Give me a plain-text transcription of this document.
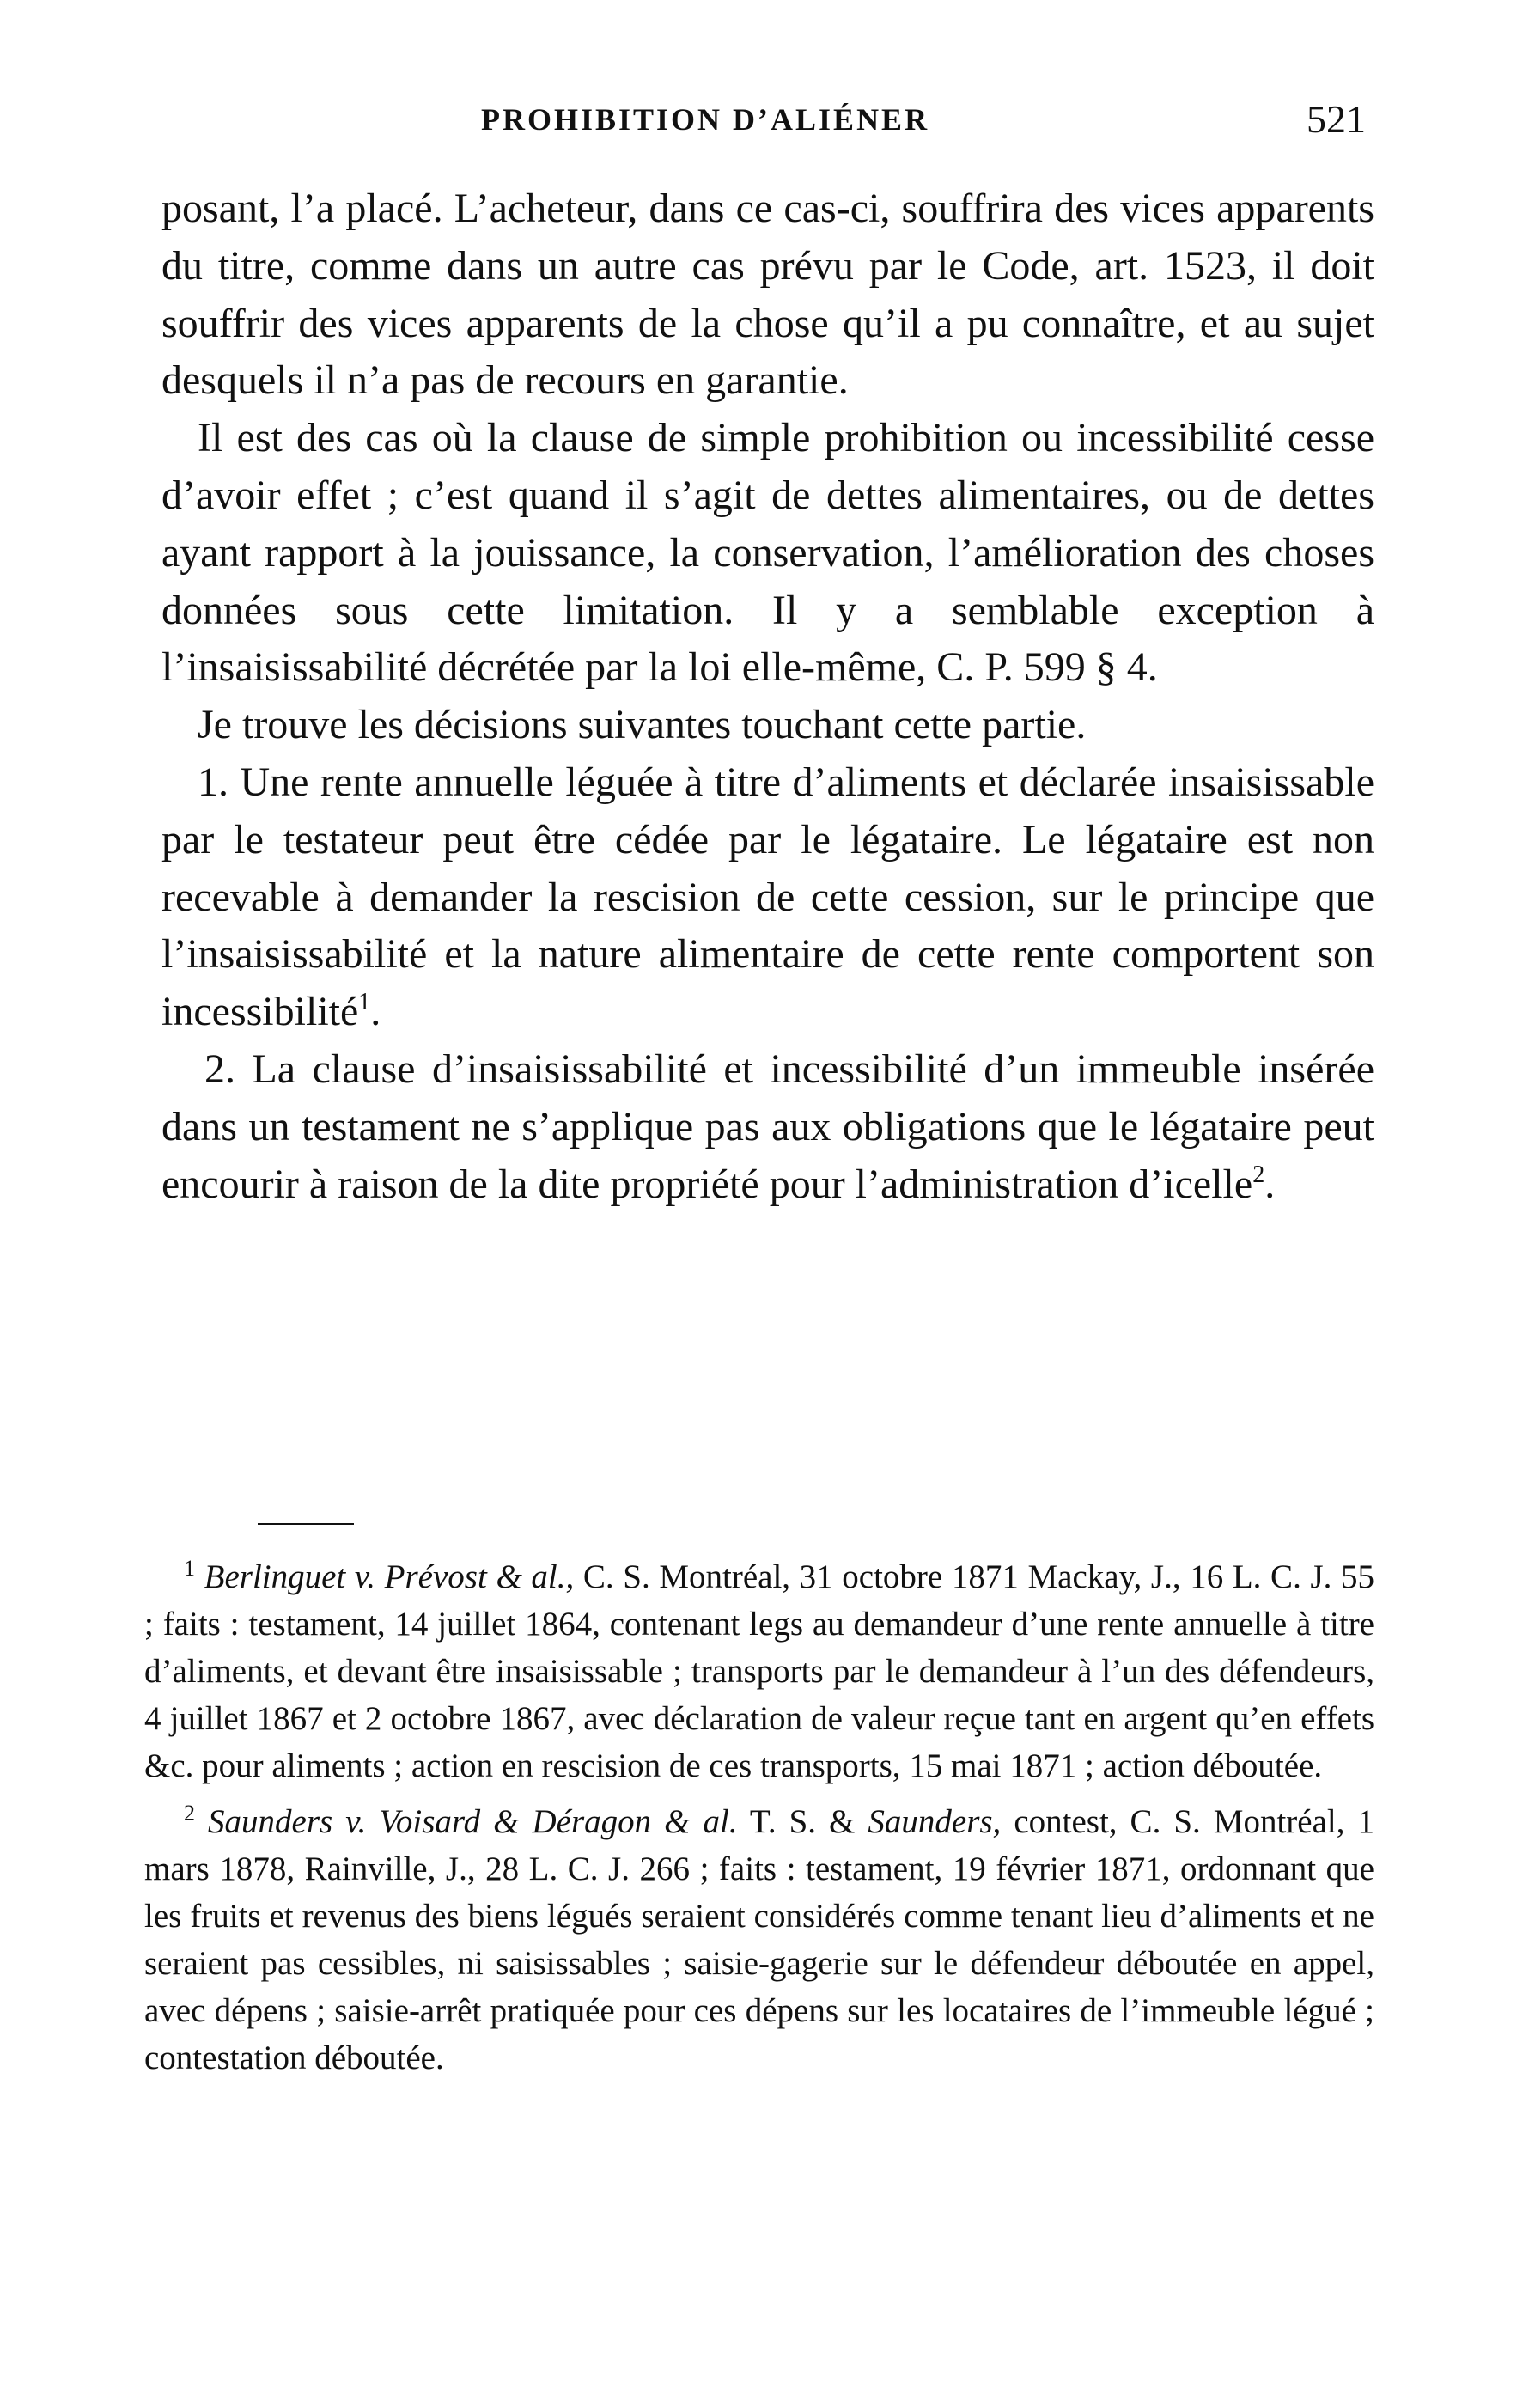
PROHIBITION D’ALIÉNER	521

posant, l’a placé. L’acheteur, dans ce cas-ci, souffrira des vices apparents du titre, comme dans un autre cas prévu par le Code, art. 1523, il doit souffrir des vices apparents de la chose qu’il a pu connaître, et au sujet desquels il n’a pas de recours en garantie.

Il est des cas où la clause de simple prohibition ou incessibilité cesse d’avoir effet ; c’est quand il s’agit de dettes alimentaires, ou de dettes ayant rapport à la jouissance, la conservation, l’amélioration des choses données sous cette limitation. Il y a semblable exception à l’insaisissabilité décrétée par la loi elle-même, C. P. 599 § 4.

Je trouve les décisions suivantes touchant cette partie.

1. Une rente annuelle léguée à titre d’aliments et déclarée insaisissable par le testateur peut être cédée par le légataire. Le légataire est non recevable à demander la rescision de cette cession, sur le principe que l’insaisissabilité et la nature alimentaire de cette rente comportent son incessibilité$^1$.

2. La clause d’insaisissabilité et incessibilité d’un immeuble insérée dans un testament ne s’applique pas aux obligations que le légataire peut encourir à raison de la dite propriété pour l’administration d’icelle$^2$.

$^1$ Berlinguet v. Prévost & al., C. S. Montréal, 31 octobre 1871 Mackay, J., 16 L. C. J. 55 ; faits : testament, 14 juillet 1864, contenant legs au demandeur d’une rente annuelle à titre d’aliments, et devant être insaisissable ; transports par le demandeur à l’un des défendeurs, 4 juillet 1867 et 2 octobre 1867, avec déclaration de valeur reçue tant en argent qu’en effets &c. pour aliments ; action en rescision de ces transports, 15 mai 1871 ; action déboutée.

$^2$ Saunders v. Voisard & Déragon & al. T. S. & Saunders, contest, C. S. Montréal, 1 mars 1878, Rainville, J., 28 L. C. J. 266 ; faits : testament, 19 février 1871, ordonnant que les fruits et revenus des biens légués seraient considérés comme tenant lieu d’aliments et ne seraient pas cessibles, ni saisissables ; saisie-gagerie sur le défendeur déboutée en appel, avec dépens ; saisie-arrêt pratiquée pour ces dépens sur les locataires de l’immeuble légué ; contestation déboutée.
